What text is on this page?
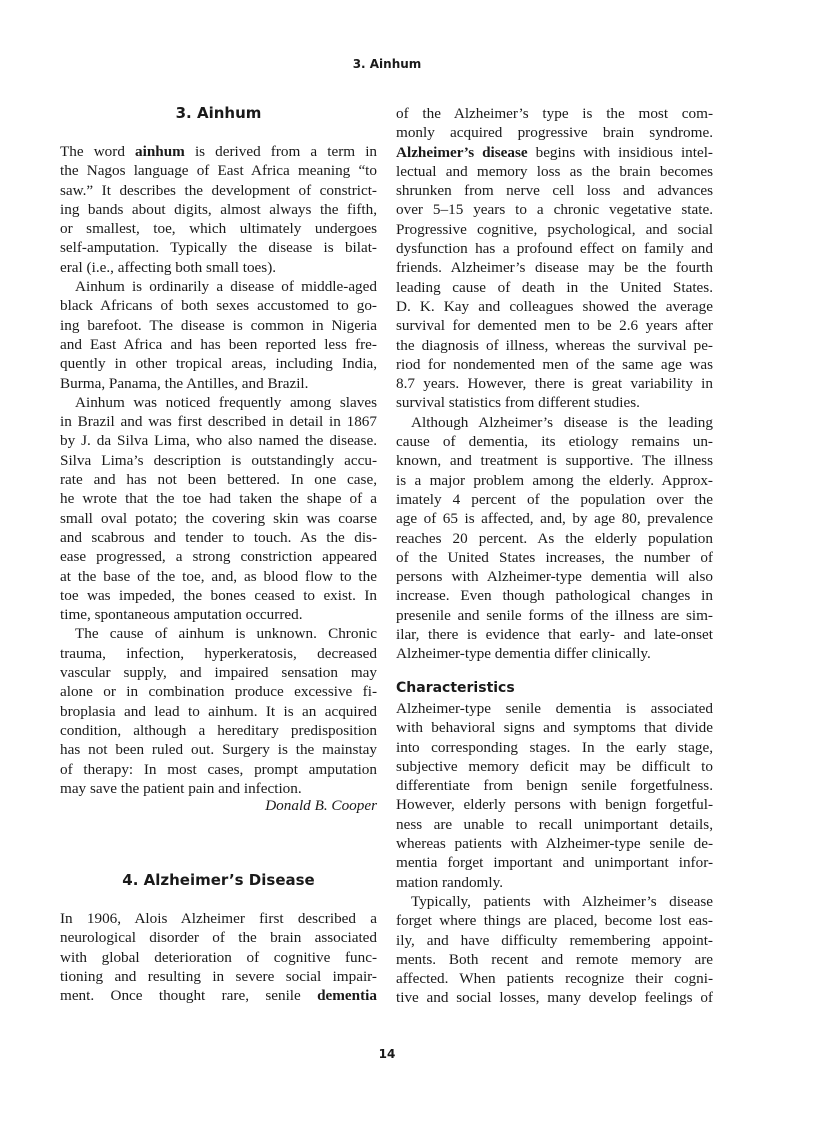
3. Ainhum
3. Ainhum
The word ainhum is derived from a term in
the Nagos language of East Africa meaning “to
saw.” It describes the development of constrict-
ing bands about digits, almost always the fifth,
or smallest, toe, which ultimately undergoes
self-amputation. Typically the disease is bilat-
eral (i.e., affecting both small toes).
Ainhum is ordinarily a disease of middle-aged
black Africans of both sexes accustomed to go-
ing barefoot. The disease is common in Nigeria
and East Africa and has been reported less fre-
quently in other tropical areas, including India,
Burma, Panama, the Antilles, and Brazil.
Ainhum was noticed frequently among slaves
in Brazil and was first described in detail in 1867
by J. da Silva Lima, who also named the disease.
Silva Lima’s description is outstandingly accu-
rate and has not been bettered. In one case,
he wrote that the toe had taken the shape of a
small oval potato; the covering skin was coarse
and scabrous and tender to touch. As the dis-
ease progressed, a strong constriction appeared
at the base of the toe, and, as blood flow to the
toe was impeded, the bones ceased to exist. In
time, spontaneous amputation occurred.
The cause of ainhum is unknown. Chronic
trauma, infection, hyperkeratosis, decreased
vascular supply, and impaired sensation may
alone or in combination produce excessive fi-
broplasia and lead to ainhum. It is an acquired
condition, although a hereditary predisposition
has not been ruled out. Surgery is the mainstay
of therapy: In most cases, prompt amputation
may save the patient pain and infection.
Donald B. Cooper
4. Alzheimer’s Disease
In 1906, Alois Alzheimer first described a
neurological disorder of the brain associated
with global deterioration of cognitive func-
tioning and resulting in severe social impair-
ment. Once thought rare, senile dementia
of the Alzheimer’s type is the most com-
monly acquired progressive brain syndrome.
Alzheimer’s disease begins with insidious intel-
lectual and memory loss as the brain becomes
shrunken from nerve cell loss and advances
over 5–15 years to a chronic vegetative state.
Progressive cognitive, psychological, and social
dysfunction has a profound effect on family and
friends. Alzheimer’s disease may be the fourth
leading cause of death in the United States.
D. K. Kay and colleagues showed the average
survival for demented men to be 2.6 years after
the diagnosis of illness, whereas the survival pe-
riod for nondemented men of the same age was
8.7 years. However, there is great variability in
survival statistics from different studies.
Although Alzheimer’s disease is the leading
cause of dementia, its etiology remains un-
known, and treatment is supportive. The illness
is a major problem among the elderly. Approx-
imately 4 percent of the population over the
age of 65 is affected, and, by age 80, prevalence
reaches 20 percent. As the elderly population
of the United States increases, the number of
persons with Alzheimer-type dementia will also
increase. Even though pathological changes in
presenile and senile forms of the illness are sim-
ilar, there is evidence that early- and late-onset
Alzheimer-type dementia differ clinically.
Characteristics
Alzheimer-type senile dementia is associated
with behavioral signs and symptoms that divide
into corresponding stages. In the early stage,
subjective memory deficit may be difficult to
differentiate from benign senile forgetfulness.
However, elderly persons with benign forgetful-
ness are unable to recall unimportant details,
whereas patients with Alzheimer-type senile de-
mentia forget important and unimportant infor-
mation randomly.
Typically, patients with Alzheimer’s disease
forget where things are placed, become lost eas-
ily, and have difficulty remembering appoint-
ments. Both recent and remote memory are
affected. When patients recognize their cogni-
tive and social losses, many develop feelings of
14
